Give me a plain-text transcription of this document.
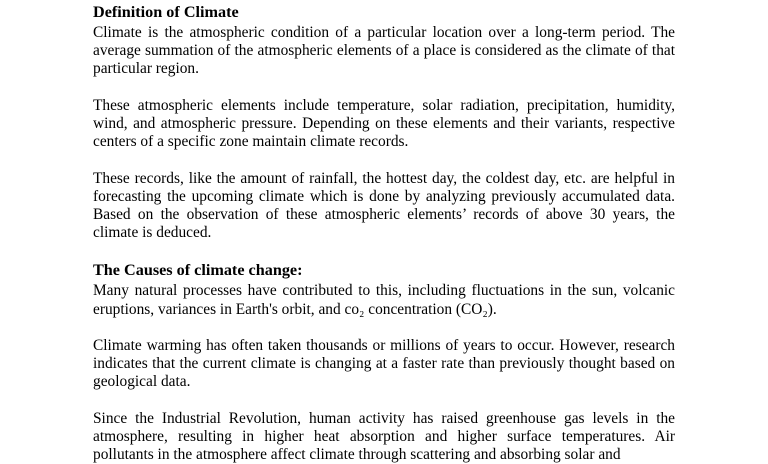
Definition of Climate

Climate is the atmospheric condition of a particular location over a long-term period. The average summation of the atmospheric elements of a place is considered as the climate of that particular region.

These atmospheric elements include temperature, solar radiation, precipitation, humidity, wind, and atmospheric pressure. Depending on these elements and their variants, respective centers of a specific zone maintain climate records.

These records, like the amount of rainfall, the hottest day, the coldest day, etc. are helpful in forecasting the upcoming climate which is done by analyzing previously accumulated data. Based on the observation of these atmospheric elements’ records of above 30 years, the climate is deduced.

The Causes of climate change:

Many natural processes have contributed to this, including fluctuations in the sun, volcanic eruptions, variances in Earth's orbit, and co₂ concentration (CO₂).

Climate warming has often taken thousands or millions of years to occur. However, research indicates that the current climate is changing at a faster rate than previously thought based on geological data.

Since the Industrial Revolution, human activity has raised greenhouse gas levels in the atmosphere, resulting in higher heat absorption and higher surface temperatures. Air pollutants in the atmosphere affect climate through scattering and absorbing solar and
